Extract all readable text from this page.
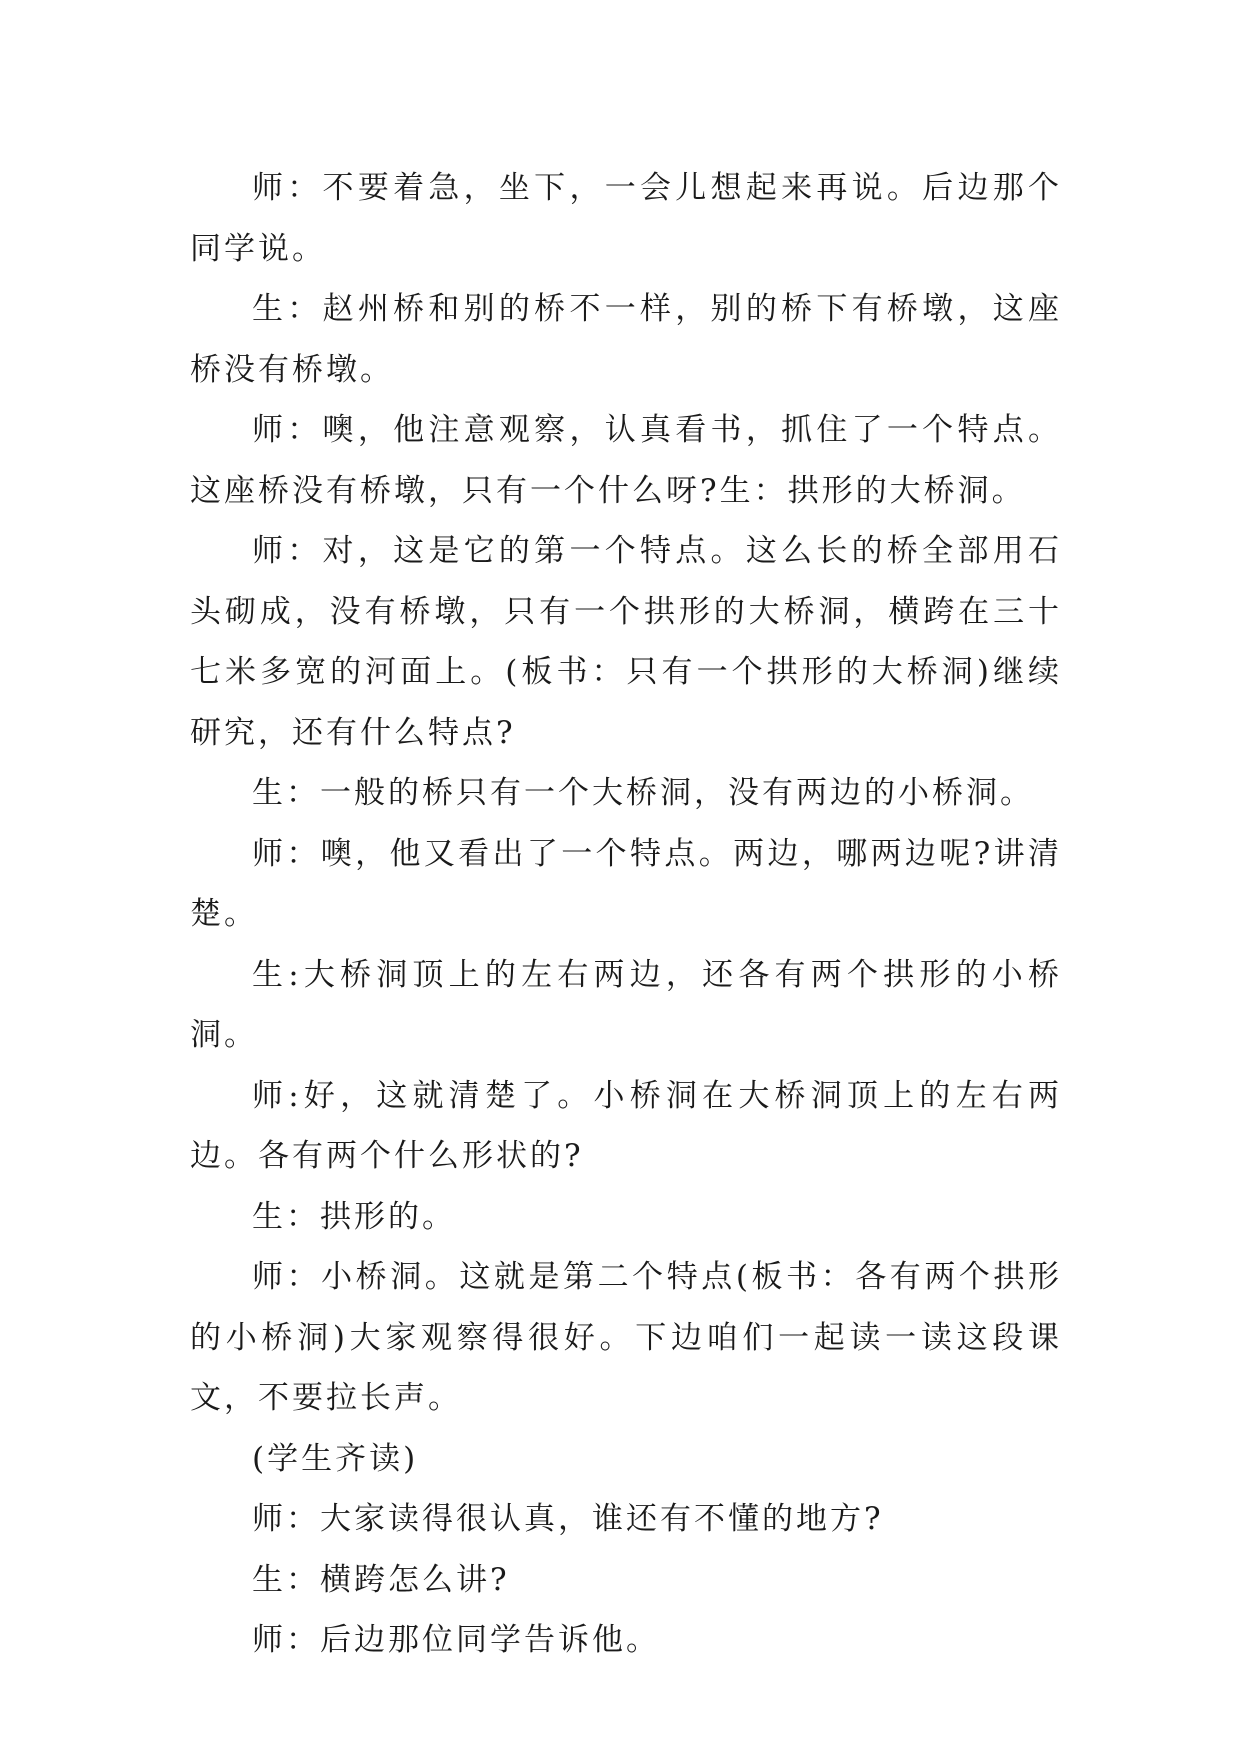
师：不要着急，坐下，一会儿想起来再说。后边那个同学说。

生：赵州桥和别的桥不一样，别的桥下有桥墩，这座桥没有桥墩。

师：噢，他注意观察，认真看书，抓住了一个特点。这座桥没有桥墩，只有一个什么呀?生：拱形的大桥洞。

师：对，这是它的第一个特点。这么长的桥全部用石头砌成，没有桥墩，只有一个拱形的大桥洞，横跨在三十七米多宽的河面上。(板书：只有一个拱形的大桥洞)继续研究，还有什么特点?

生：一般的桥只有一个大桥洞，没有两边的小桥洞。

师：噢，他又看出了一个特点。两边，哪两边呢?讲清楚。

生:大桥洞顶上的左右两边，还各有两个拱形的小桥洞。

师:好，这就清楚了。小桥洞在大桥洞顶上的左右两边。各有两个什么形状的?

生：拱形的。

师：小桥洞。这就是第二个特点(板书：各有两个拱形的小桥洞)大家观察得很好。下边咱们一起读一读这段课文，不要拉长声。

(学生齐读)

师：大家读得很认真，谁还有不懂的地方?

生：横跨怎么讲?

师：后边那位同学告诉他。
